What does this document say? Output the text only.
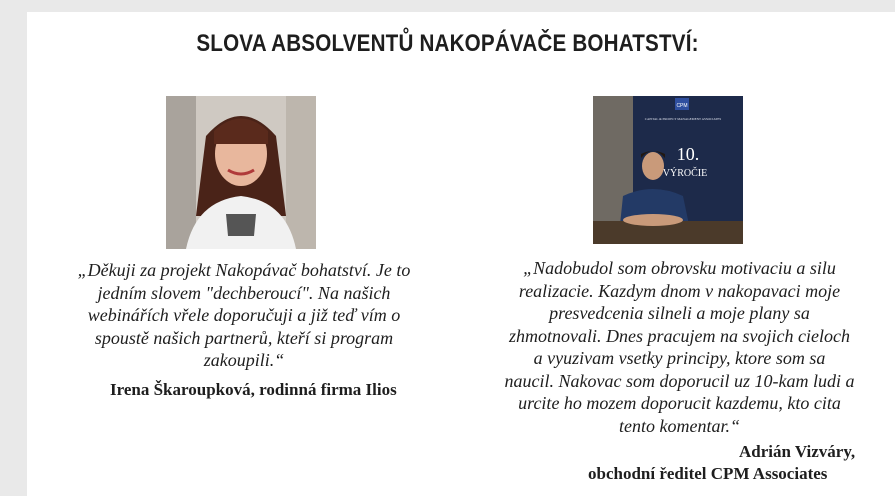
SLOVA ABSOLVENTŮ NAKOPÁVAČE BOHATSTVÍ:
CPM
CAPITAL & PROJECT MANAGEMENT ASSOCIATES
10.
VÝROČIE
„Děkuji za projekt Nakopávač bohatství. Je to
jedním slovem "dechberoucí". Na našich
webinářích vřele doporučuji a již teď vím o
spoustě našich partnerů, kteří si program
zakoupili.“
Irena Škaroupková, rodinná firma Ilios
„Nadobudol som obrovsku motivaciu a silu
realizacie. Kazdym dnom v nakopavaci moje
presvedcenia silneli a moje plany sa
zhmotnovali. Dnes pracujem na svojich cieloch
a vyuzivam vsetky principy, ktore som sa
naucil. Nakovac som doporucil uz 10-kam ludi a
urcite ho mozem doporucit kazdemu, kto cita
tento komentar.“
Adrián Vizváry,
obchodní ředitel CPM Associates
